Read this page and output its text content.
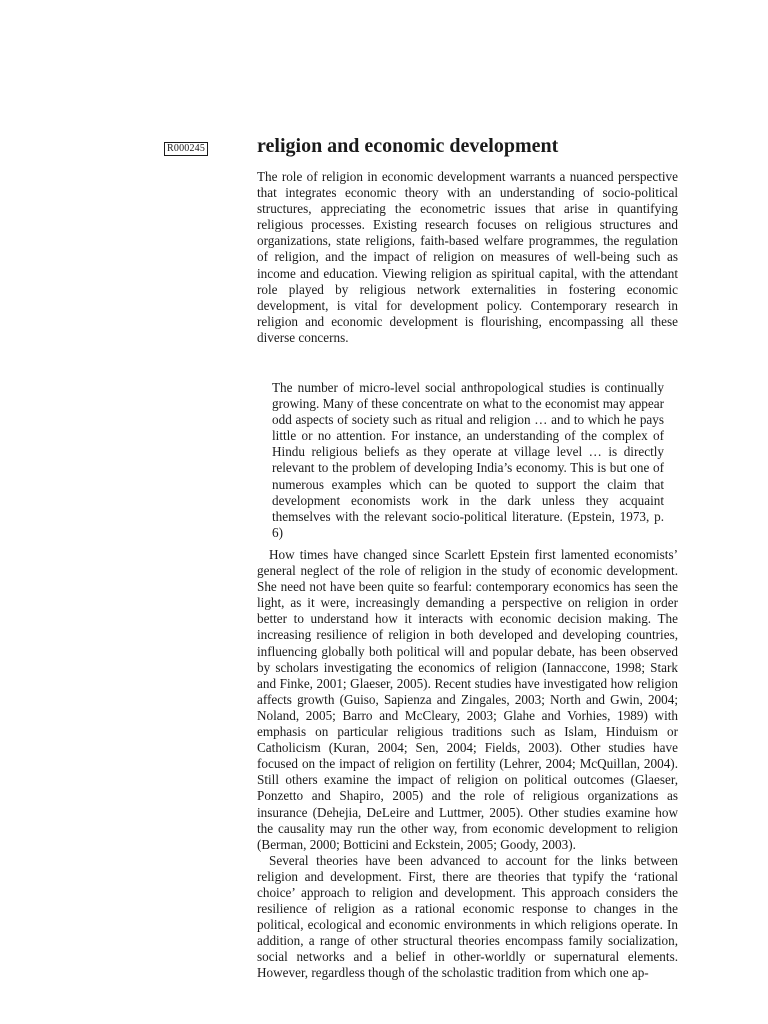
R000245	religion and economic development

The role of religion in economic development warrants a nuanced perspective that integrates economic theory with an understanding of socio-political structures, appreciating the econometric issues that arise in quantifying religious processes. Existing research focuses on religious structures and organizations, state religions, faith-based welfare programmes, the regulation of religion, and the impact of religion on measures of well-being such as income and education. Viewing religion as spiritual capital, with the attendant role played by religious network externalities in fostering economic development, is vital for development policy. Contemporary research in religion and economic development is flourishing, encompassing all these diverse concerns.

The number of micro-level social anthropological studies is continually growing. Many of these concentrate on what to the economist may appear odd aspects of society such as ritual and religion … and to which he pays little or no attention. For instance, an understanding of the complex of Hindu religious beliefs as they operate at village level … is directly relevant to the problem of developing India’s economy. This is but one of numerous examples which can be quoted to support the claim that development economists work in the dark unless they acquaint themselves with the relevant socio-political literature. (Epstein, 1973, p. 6)

How times have changed since Scarlett Epstein first lamented economists’ general neglect of the role of religion in the study of economic development. She need not have been quite so fearful: contemporary economics has seen the light, as it were, increasingly demanding a perspective on religion in order better to understand how it interacts with economic decision making. The increasing resilience of religion in both developed and developing countries, influencing globally both political will and popular debate, has been observed by scholars investigating the economics of religion (Iannaccone, 1998; Stark and Finke, 2001; Glaeser, 2005). Recent studies have investigated how religion affects growth (Guiso, Sapienza and Zingales, 2003; North and Gwin, 2004; Noland, 2005; Barro and McCleary, 2003; Glahe and Vorhies, 1989) with emphasis on particular religious traditions such as Islam, Hinduism or Catholicism (Kuran, 2004; Sen, 2004; Fields, 2003). Other studies have focused on the impact of religion on fertility (Lehrer, 2004; McQuillan, 2004). Still others examine the impact of religion on political outcomes (Glaeser, Ponzetto and Shapiro, 2005) and the role of religious organizations as insurance (Dehejia, DeLeire and Luttmer, 2005). Other studies examine how the causality may run the other way, from economic development to religion (Berman, 2000; Botticini and Eckstein, 2005; Goody, 2003).

Several theories have been advanced to account for the links between religion and development. First, there are theories that typify the ‘rational choice’ approach to religion and development. This approach considers the resilience of religion as a rational economic response to changes in the political, ecological and economic environments in which religions operate. In addition, a range of other structural theories encompass family socialization, social networks and a belief in other-worldly or supernatural elements. However, regardless though of the scholastic tradition from which one ap-
